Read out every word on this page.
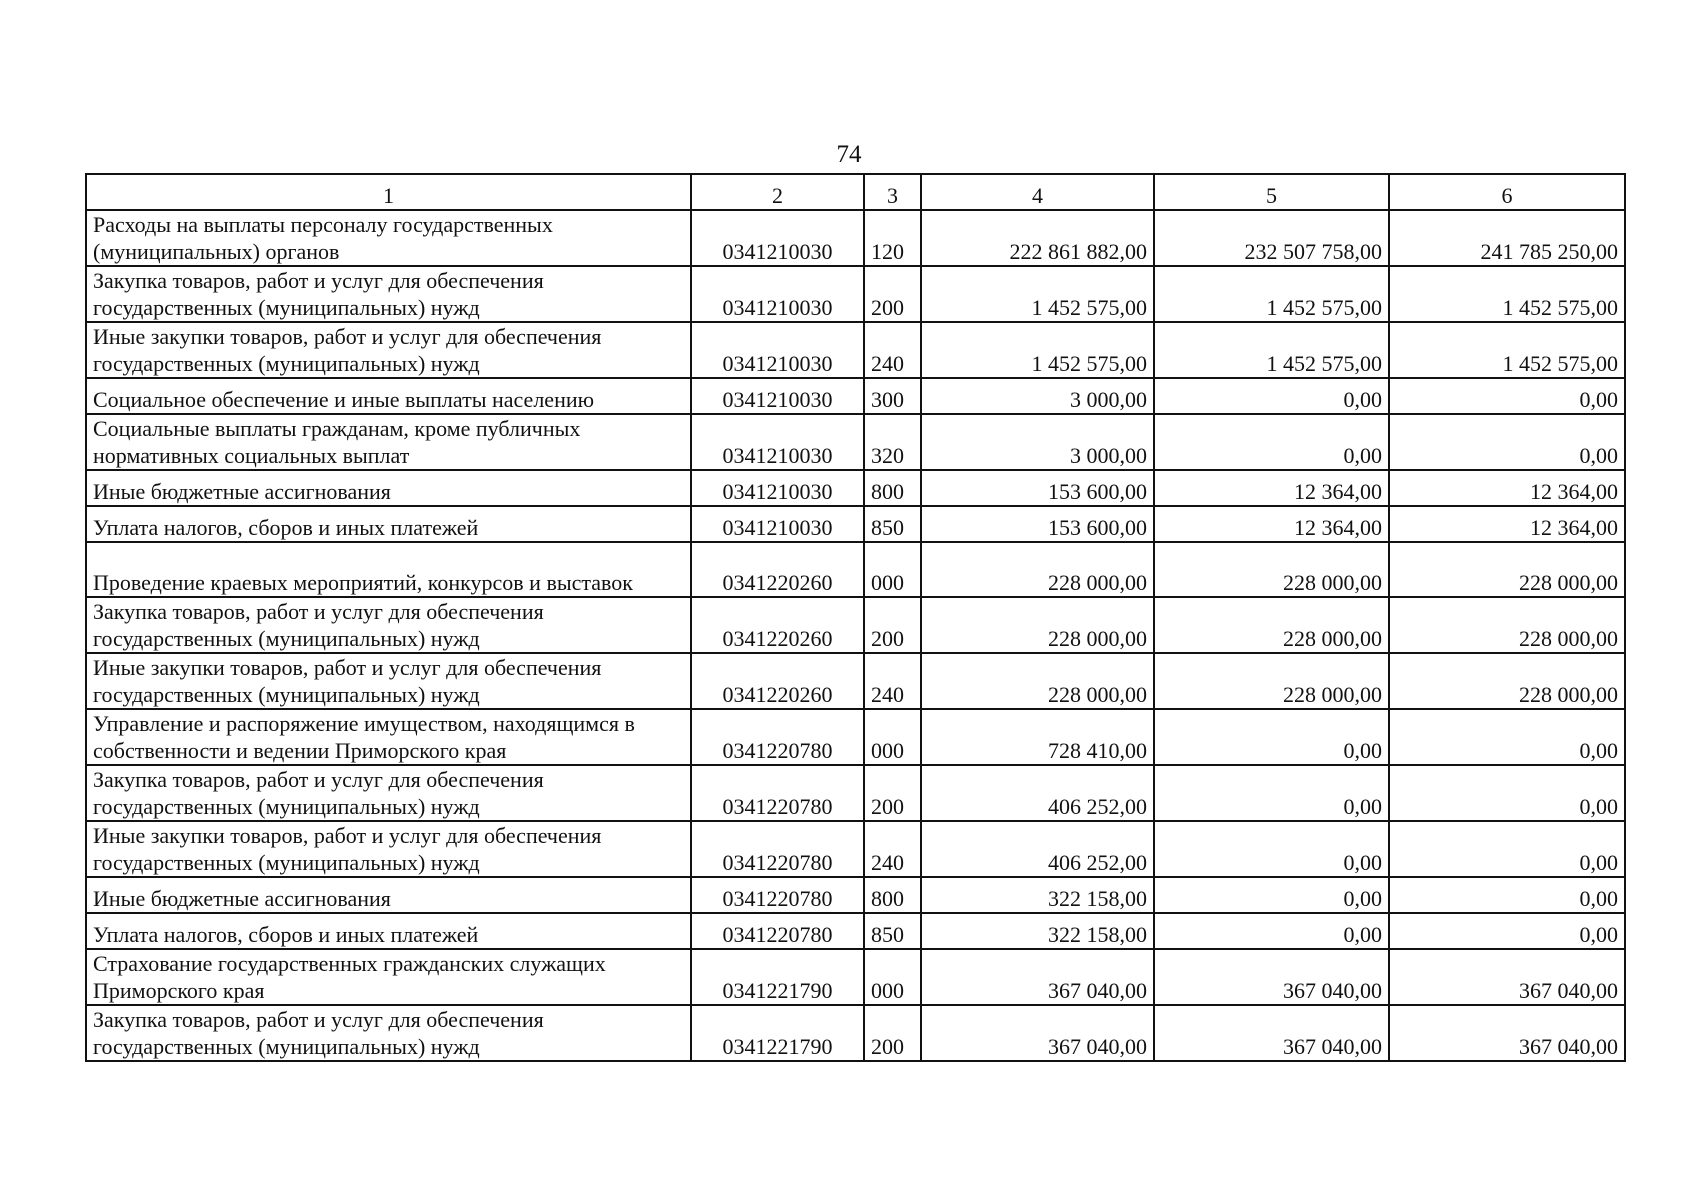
74
1	2	3	4	5	6
Расходы на выплаты персоналу государственных (муниципальных) органов	0341210030	120	222 861 882,00	232 507 758,00	241 785 250,00
Закупка товаров, работ и услуг для обеспечения государственных (муниципальных) нужд	0341210030	200	1 452 575,00	1 452 575,00	1 452 575,00
Иные закупки товаров, работ и услуг для обеспечения государственных (муниципальных) нужд	0341210030	240	1 452 575,00	1 452 575,00	1 452 575,00
Социальное обеспечение и иные выплаты населению	0341210030	300	3 000,00	0,00	0,00
Социальные выплаты гражданам, кроме публичных нормативных социальных выплат	0341210030	320	3 000,00	0,00	0,00
Иные бюджетные ассигнования	0341210030	800	153 600,00	12 364,00	12 364,00
Уплата налогов, сборов и иных платежей	0341210030	850	153 600,00	12 364,00	12 364,00
Проведение краевых мероприятий, конкурсов и выставок	0341220260	000	228 000,00	228 000,00	228 000,00
Закупка товаров, работ и услуг для обеспечения государственных (муниципальных) нужд	0341220260	200	228 000,00	228 000,00	228 000,00
Иные закупки товаров, работ и услуг для обеспечения государственных (муниципальных) нужд	0341220260	240	228 000,00	228 000,00	228 000,00
Управление и распоряжение имуществом, находящимся в собственности и ведении Приморского края	0341220780	000	728 410,00	0,00	0,00
Закупка товаров, работ и услуг для обеспечения государственных (муниципальных) нужд	0341220780	200	406 252,00	0,00	0,00
Иные закупки товаров, работ и услуг для обеспечения государственных (муниципальных) нужд	0341220780	240	406 252,00	0,00	0,00
Иные бюджетные ассигнования	0341220780	800	322 158,00	0,00	0,00
Уплата налогов, сборов и иных платежей	0341220780	850	322 158,00	0,00	0,00
Страхование государственных гражданских служащих Приморского края	0341221790	000	367 040,00	367 040,00	367 040,00
Закупка товаров, работ и услуг для обеспечения государственных (муниципальных) нужд	0341221790	200	367 040,00	367 040,00	367 040,00
